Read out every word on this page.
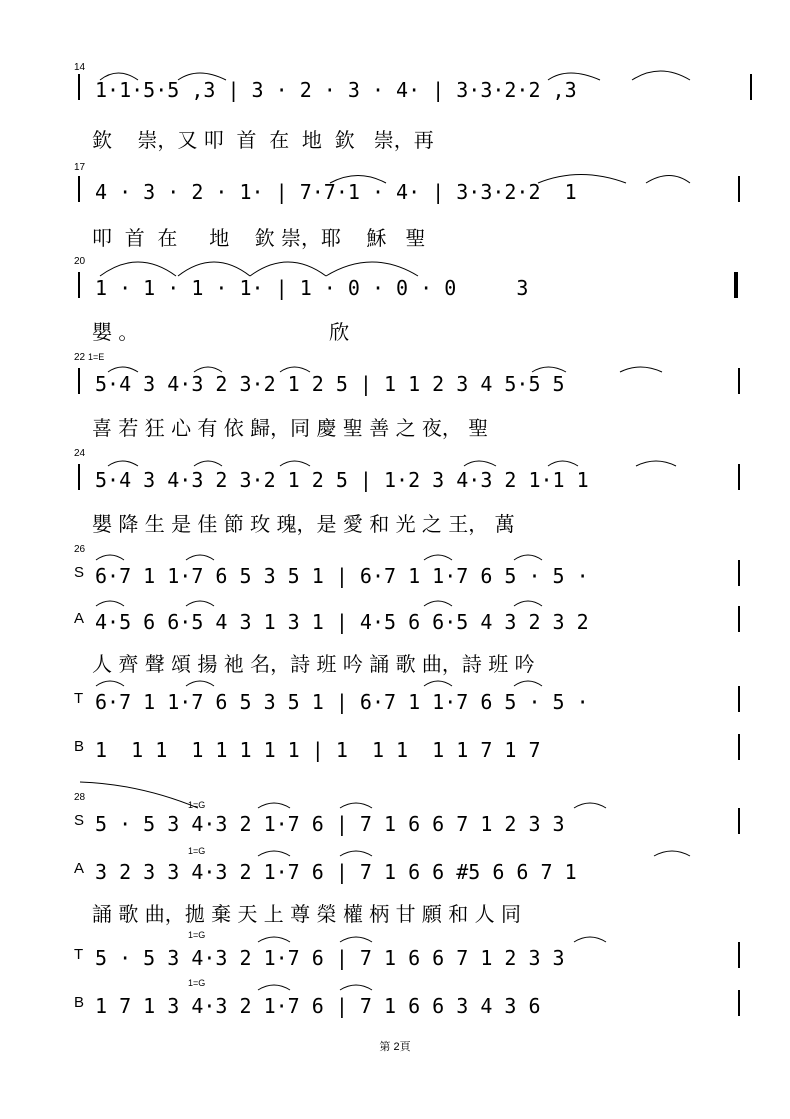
14
1·1·5·5 ,3 | 3 · 2 · 3 · 4· | 3·3·2·2 ,3
欽    崇，又 叩  首  在  地  欽   崇，再
17
4 · 3 · 2 · 1· | 7·7·1 · 4· | 3·3·2·2  1
叩  首  在     地    欽 崇，耶    穌   聖
20
1 · 1 · 1 · 1· | 1 · 0 · 0 · 0     3
嬰 。                              欣
22 1=E
5·4 3 4·3 2 3·2 1 2 5 | 1 1 2 3 4 5·5 5
喜 若 狂 心 有 依 歸，同 慶 聖 善 之 夜， 聖
24
5·4 3 4·3 2 3·2 1 2 5 | 1·2 3 4·3 2 1·1 1
嬰 降 生 是 佳 節 玫 瑰，是 愛 和 光 之 王， 萬
26
S 6·7 1 1·7 6 5 3 5 1 | 6·7 1 1·7 6 5 · 5 ·
A 4·5 6 6·5 4 3 1 3 1 | 4·5 6 6·5 4 3 2 3 2
人 齊 聲 頌 揚 祂 名，詩 班 吟 誦 歌 曲，詩 班 吟
T 6·7 1 1·7 6 5 3 5 1 | 6·7 1 1·7 6 5 · 5 ·
B 1  1 1  1 1 1 1 1 | 1  1 1  1 1 7 1 7
28
1=G
S 5 · 5 3 4·3 2 1·7 6 | 7 1 6 6 7 1 2 3 3
1=G
A 3 2 3 3 4·3 2 1·7 6 | 7 1 6 6 #5 6 6 7 1
誦 歌 曲，拋 棄 天 上 尊 榮 權 柄 甘 願 和 人 同
1=G
T 5 · 5 3 4·3 2 1·7 6 | 7 1 6 6 7 1 2 3 3
1=G
B 1 7 1 3 4·3 2 1·7 6 | 7 1 6 6 3 4 3 6
第 2頁
